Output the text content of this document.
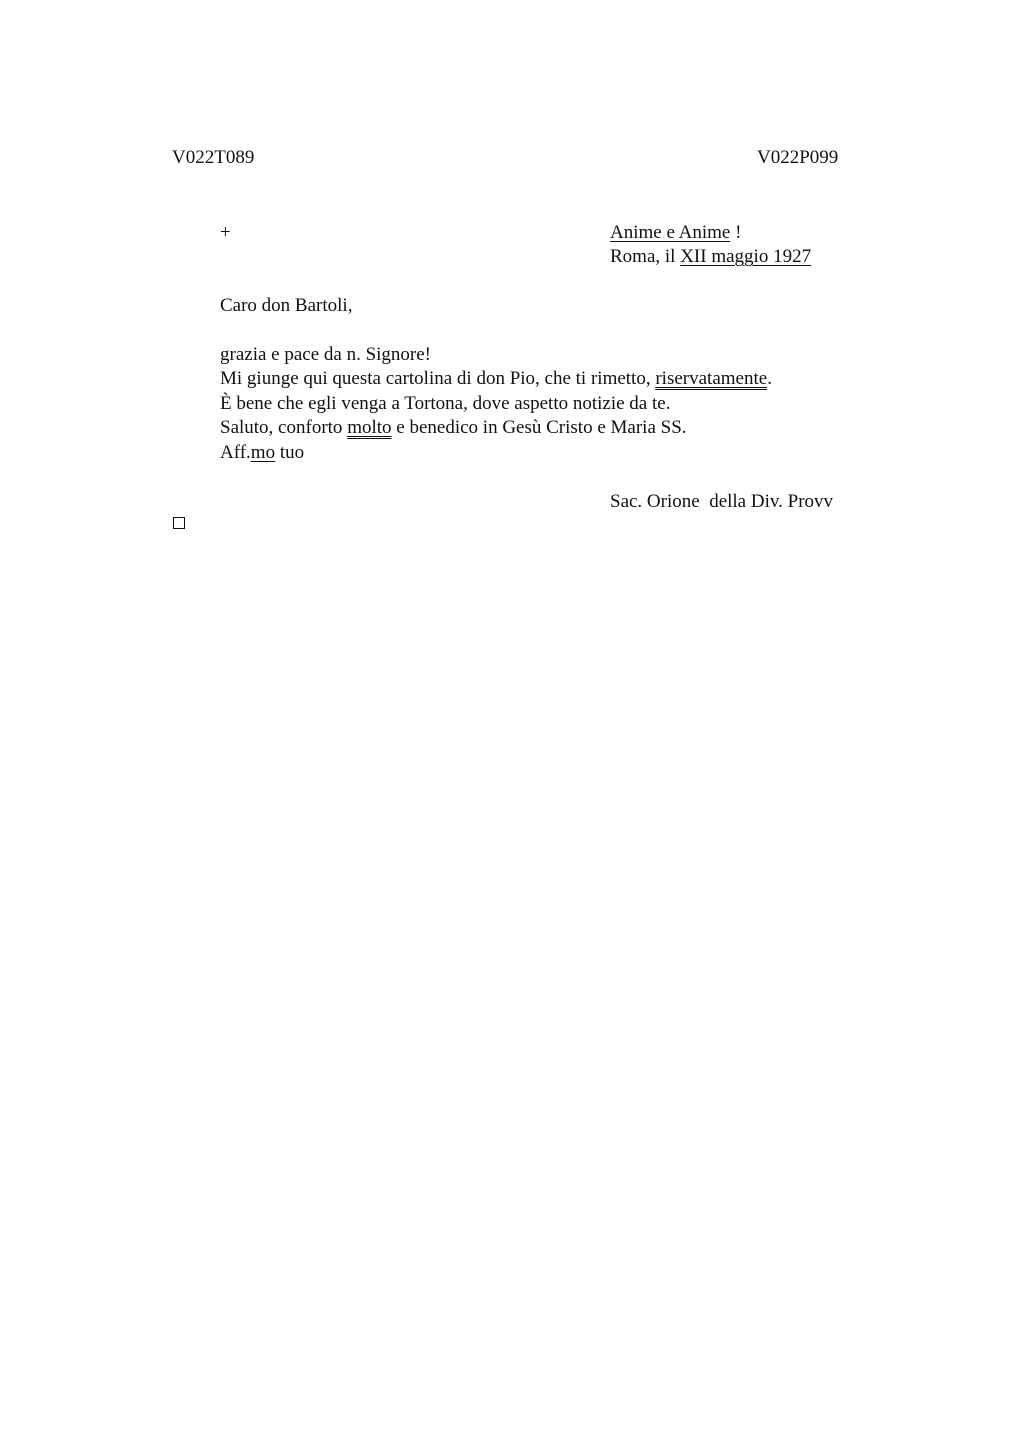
V022T089	V022P099
+	Anime e Anime !
Roma, il XII maggio 1927
Caro don Bartoli,
grazia e pace da n. Signore!
Mi giunge qui questa cartolina di don Pio, che ti rimetto, riservatamente.
È bene che egli venga a Tortona, dove aspetto notizie da te.
Saluto, conforto molto e benedico in Gesù Cristo e Maria SS.
Aff.mo tuo
Sac. Orione  della Div. Provv
